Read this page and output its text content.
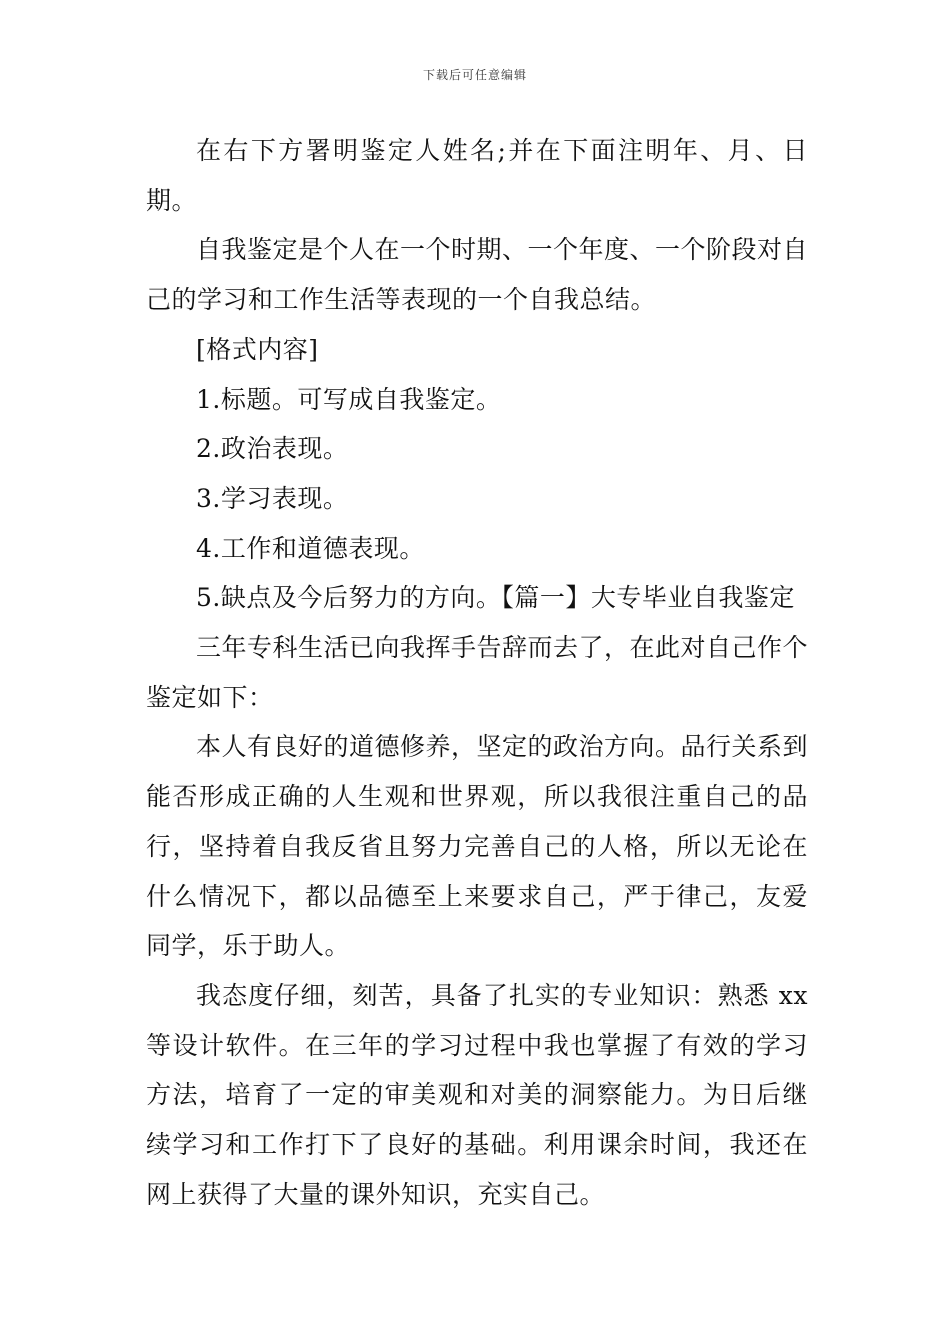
下载后可任意编辑

在右下方署明鉴定人姓名;并在下面注明年、月、日期。

自我鉴定是个人在一个时期、一个年度、一个阶段对自己的学习和工作生活等表现的一个自我总结。

[格式内容]

1.标题。可写成自我鉴定。

2.政治表现。

3.学习表现。

4.工作和道德表现。

5.缺点及今后努力的方向。【篇一】大专毕业自我鉴定

三年专科生活已向我挥手告辞而去了，在此对自己作个鉴定如下：

本人有良好的道德修养，坚定的政治方向。品行关系到能否形成正确的人生观和世界观，所以我很注重自己的品行，坚持着自我反省且努力完善自己的人格，所以无论在什么情况下，都以品德至上来要求自己，严于律己，友爱同学，乐于助人。

我态度仔细，刻苦，具备了扎实的专业知识：熟悉 xx 等设计软件。在三年的学习过程中我也掌握了有效的学习方法，培育了一定的审美观和对美的洞察能力。为日后继续学习和工作打下了良好的基础。利用课余时间，我还在网上获得了大量的课外知识，充实自己。
